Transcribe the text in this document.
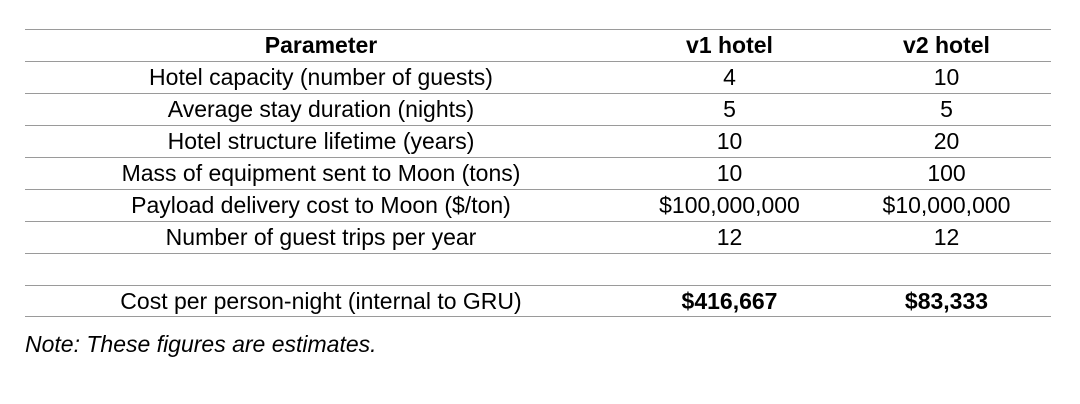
Parameter	v1 hotel	v2 hotel
Hotel capacity (number of guests)	4	10
Average stay duration (nights)	5	5
Hotel structure lifetime (years)	10	20
Mass of equipment sent to Moon (tons)	10	100
Payload delivery cost to Moon ($/ton)	$100,000,000	$10,000,000
Number of guest trips per year	12	12
Cost per person-night (internal to GRU)	$416,667	$83,333
Note: These figures are estimates.
